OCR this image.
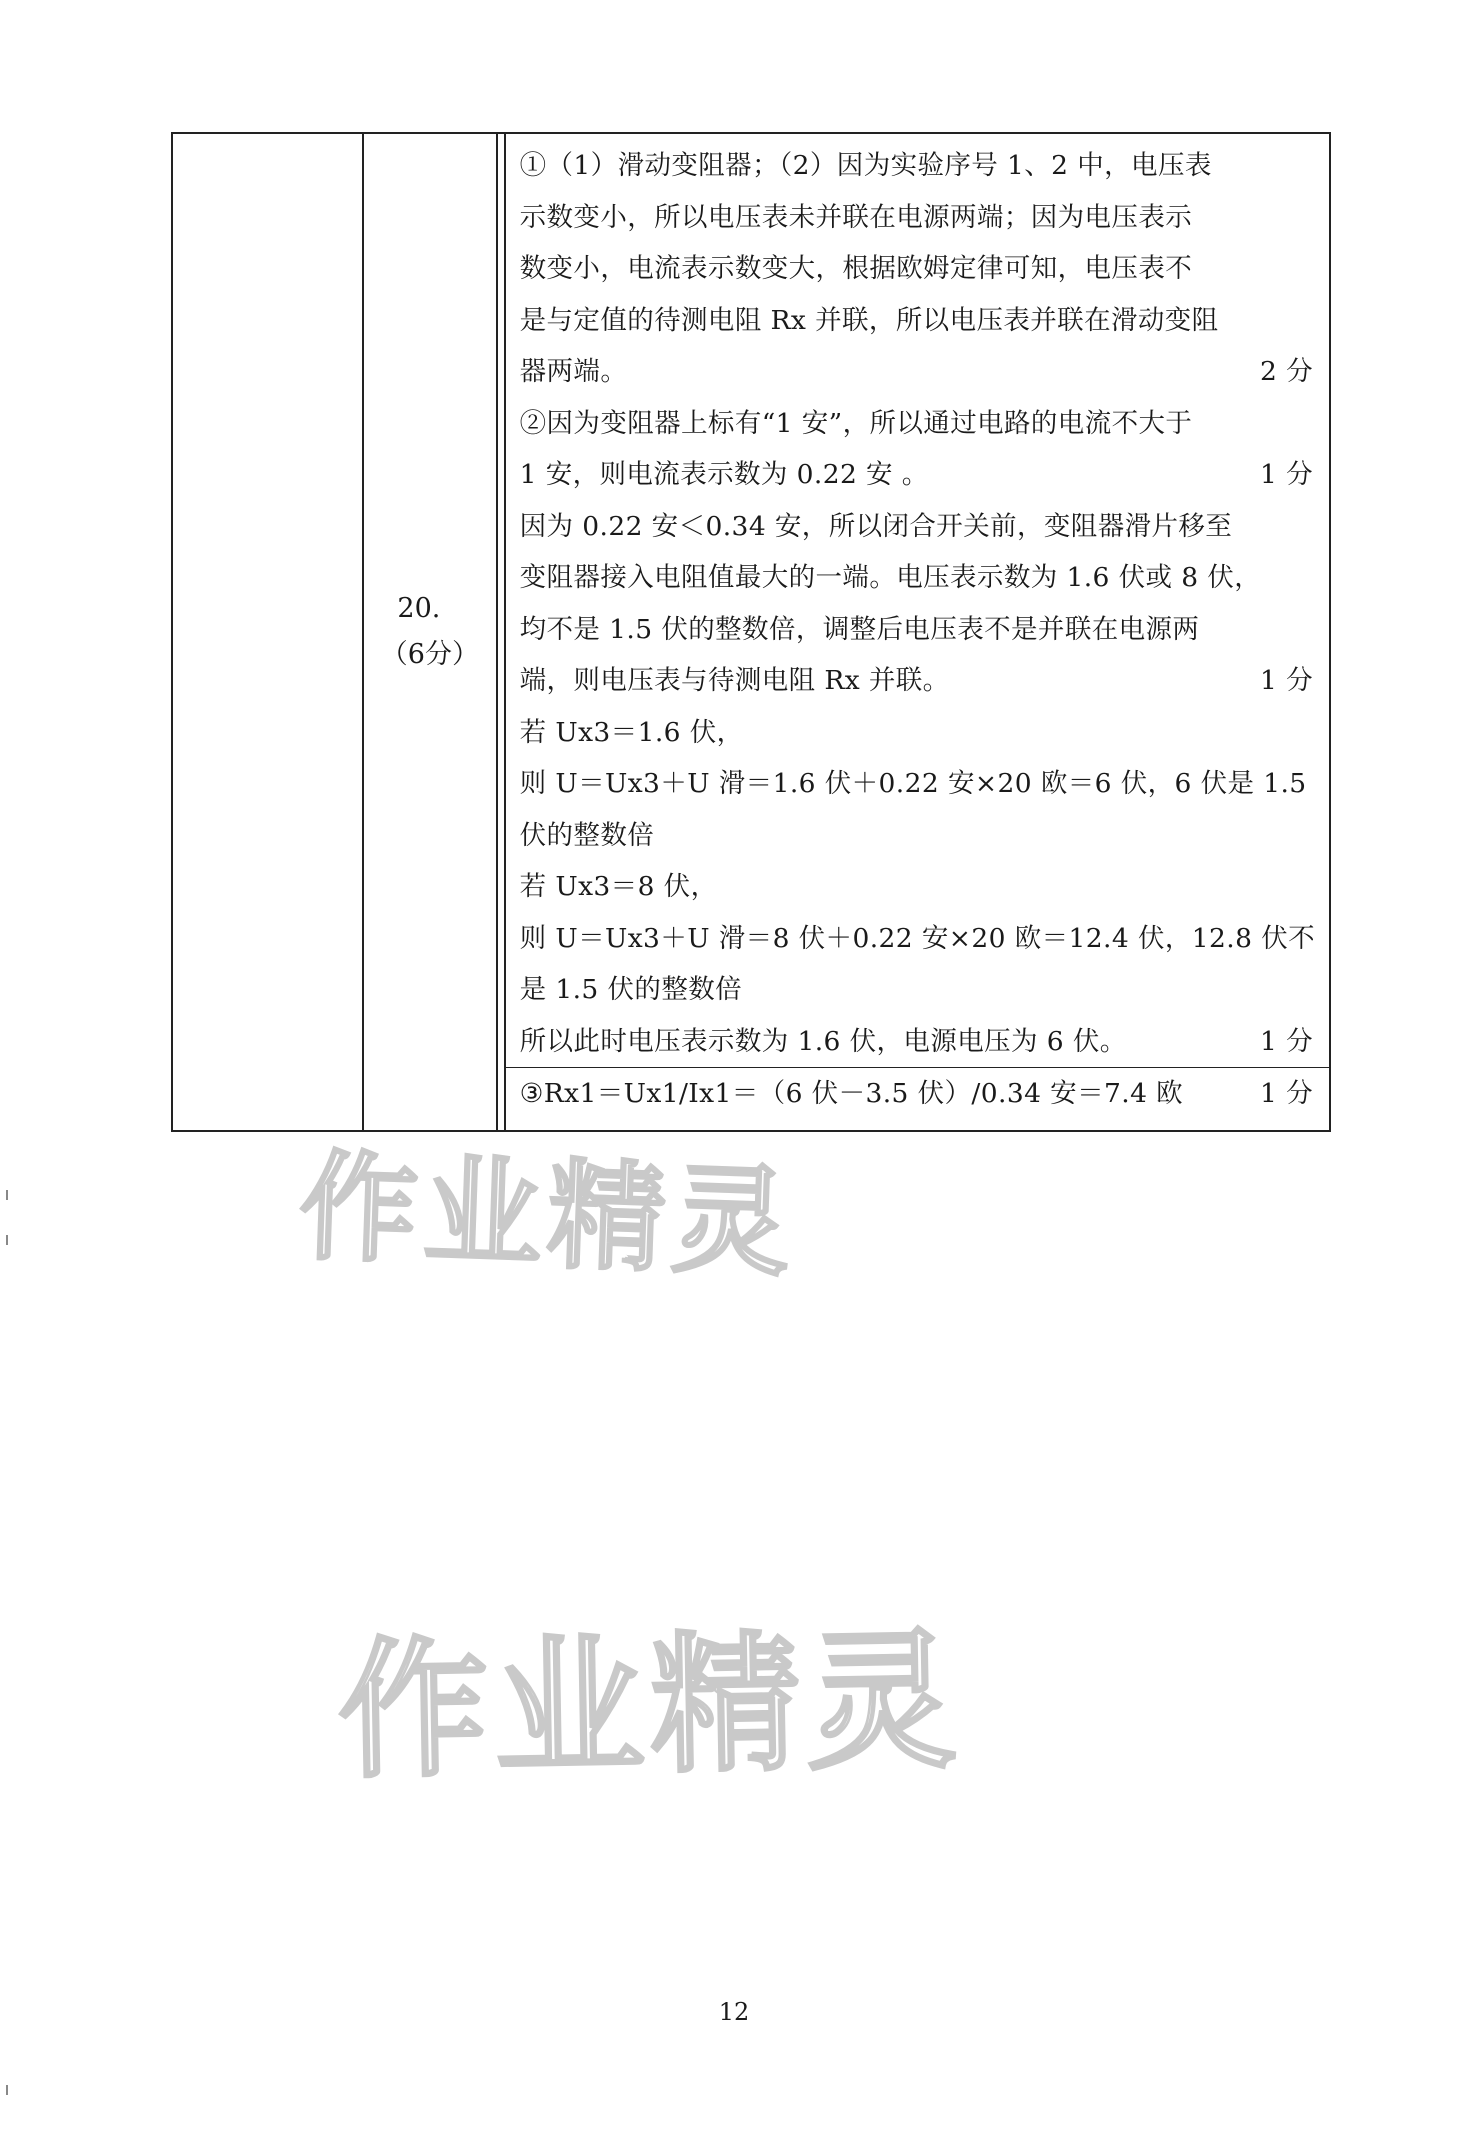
20.
（6分）
①（1）滑动变阻器；（2）因为实验序号 1、2 中，电压表
示数变小，所以电压表未并联在电源两端；因为电压表示
数变小，电流表示数变大，根据欧姆定律可知，电压表不
是与定值的待测电阻 Rx 并联，所以电压表并联在滑动变阻
器两端。	2 分
②因为变阻器上标有“1 安”，所以通过电路的电流不大于
1 安，则电流表示数为 0.22 安 。	1 分
因为 0.22 安＜0.34 安，所以闭合开关前，变阻器滑片移至
变阻器接入电阻值最大的一端。电压表示数为 1.6 伏或 8 伏，
均不是 1.5 伏的整数倍，调整后电压表不是并联在电源两
端，则电压表与待测电阻 Rx 并联。	1 分
若 Ux3＝1.6 伏，
则 U＝Ux3＋U 滑＝1.6 伏＋0.22 安×20 欧＝6 伏，6 伏是 1.5
伏的整数倍
若 Ux3＝8 伏，
则 U＝Ux3＋U 滑＝8 伏＋0.22 安×20 欧＝12.4 伏，12.8 伏不
是 1.5 伏的整数倍
所以此时电压表示数为 1.6 伏，电源电压为 6 伏。	1 分
③Rx1＝Ux1/Ix1＝（6 伏－3.5 伏）/0.34 安＝7.4 欧	1 分
作业精灵
作业精灵
12
